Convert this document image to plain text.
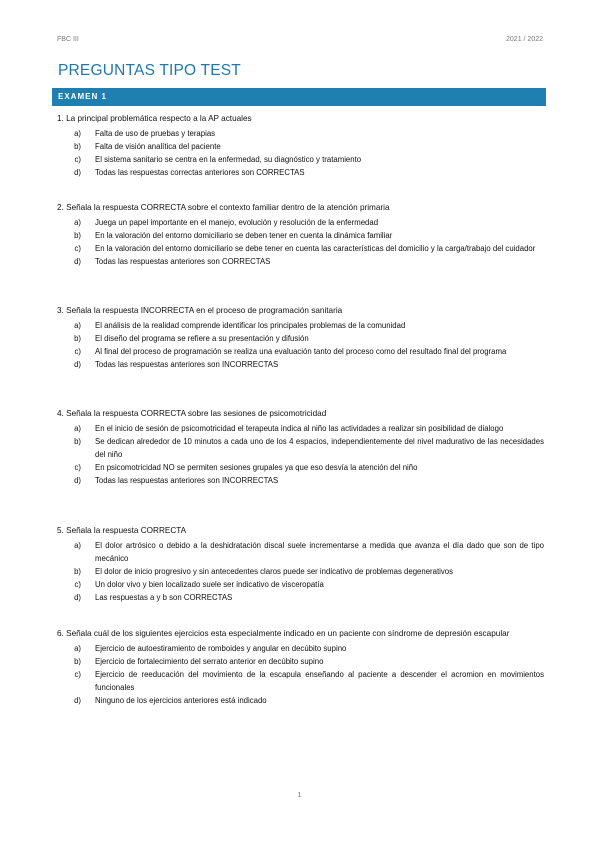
FBC III	2021 / 2022
PREGUNTAS TIPO TEST
EXAMEN 1
1. La principal problemática respecto a la AP actuales
a)	Falta de uso de pruebas y terapias
b)	Falta de visión analítica del paciente
c)	El sistema sanitario se centra en la enfermedad, su diagnóstico y tratamiento
d)	Todas las respuestas correctas anteriores son CORRECTAS
2. Señala la respuesta CORRECTA sobre el contexto familiar dentro de la atención primaria
a)	Juega un papel importante en el manejo, evolución y resolución de la enfermedad
b)	En la valoración del entorno domiciliario se deben tener en cuenta la dinámica familiar
c)	En la valoración del entorno domiciliario se debe tener en cuenta las características del domicilio y la carga/trabajo del cuidador
d)	Todas las respuestas anteriores son CORRECTAS
3. Señala la respuesta INCORRECTA en el proceso de programación sanitaria
a)	El análisis de la realidad comprende identificar los principales problemas de la comunidad
b)	El diseño del programa se refiere a su presentación y difusión
c)	Al final del proceso de programación se realiza una evaluación tanto del proceso como del resultado final del programa
d)	Todas las respuestas anteriores son INCORRECTAS
4. Señala la respuesta CORRECTA sobre las sesiones de psicomotricidad
a)	En el inicio de sesión de psicomotricidad el terapeuta indica al niño las actividades a realizar sin posibilidad de dialogo
b)	Se dedican alrededor de 10 minutos a cada uno de los 4 espacios, independientemente del nivel madurativo de las necesidades del niño
c)	En psicomotricidad NO se permiten sesiones grupales ya que eso desvía la atención del niño
d)	Todas las respuestas anteriores son INCORRECTAS
5. Señala la respuesta CORRECTA
a)	El dolor artrósico o debido a la deshidratación discal suele incrementarse a medida que avanza el día dado que son de tipo mecánico
b)	El dolor de inicio progresivo y sin antecedentes claros puede ser indicativo de problemas degenerativos
c)	Un dolor vivo y bien localizado suele ser indicativo de visceropatía
d)	Las respuestas a y b son CORRECTAS
6. Señala cuál de los siguientes ejercicios esta especialmente indicado en un paciente con síndrome de depresión escapular
a)	Ejercicio de autoestiramiento de romboides y angular en decúbito supino
b)	Ejercicio de fortalecimiento del serrato anterior en decúbito supino
c)	Ejercicio de reeducación del movimiento de la escapula enseñando al paciente a descender el acromion en movimientos funcionales
d)	Ninguno de los ejercicios anteriores está indicado
1
